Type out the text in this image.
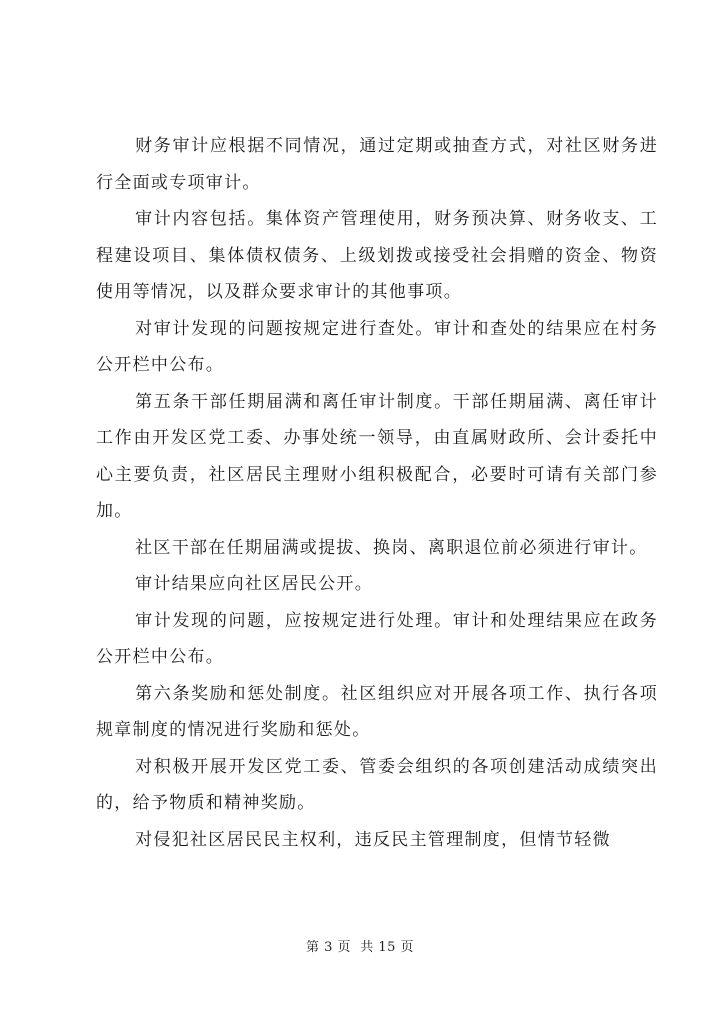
财务审计应根据不同情况，通过定期或抽查方式，对社区财务进行全面或专项审计。

审计内容包括。集体资产管理使用，财务预决算、财务收支、工程建设项目、集体债权债务、上级划拨或接受社会捐赠的资金、物资使用等情况，以及群众要求审计的其他事项。

对审计发现的问题按规定进行查处。审计和查处的结果应在村务公开栏中公布。

第五条干部任期届满和离任审计制度。干部任期届满、离任审计工作由开发区党工委、办事处统一领导，由直属财政所、会计委托中心主要负责，社区居民主理财小组积极配合，必要时可请有关部门参加。

社区干部在任期届满或提拔、换岗、离职退位前必须进行审计。

审计结果应向社区居民公开。

审计发现的问题，应按规定进行处理。审计和处理结果应在政务公开栏中公布。

第六条奖励和惩处制度。社区组织应对开展各项工作、执行各项规章制度的情况进行奖励和惩处。

对积极开展开发区党工委、管委会组织的各项创建活动成绩突出的，给予物质和精神奖励。

对侵犯社区居民民主权利，违反民主管理制度，但情节轻微

第 3 页  共 15 页
